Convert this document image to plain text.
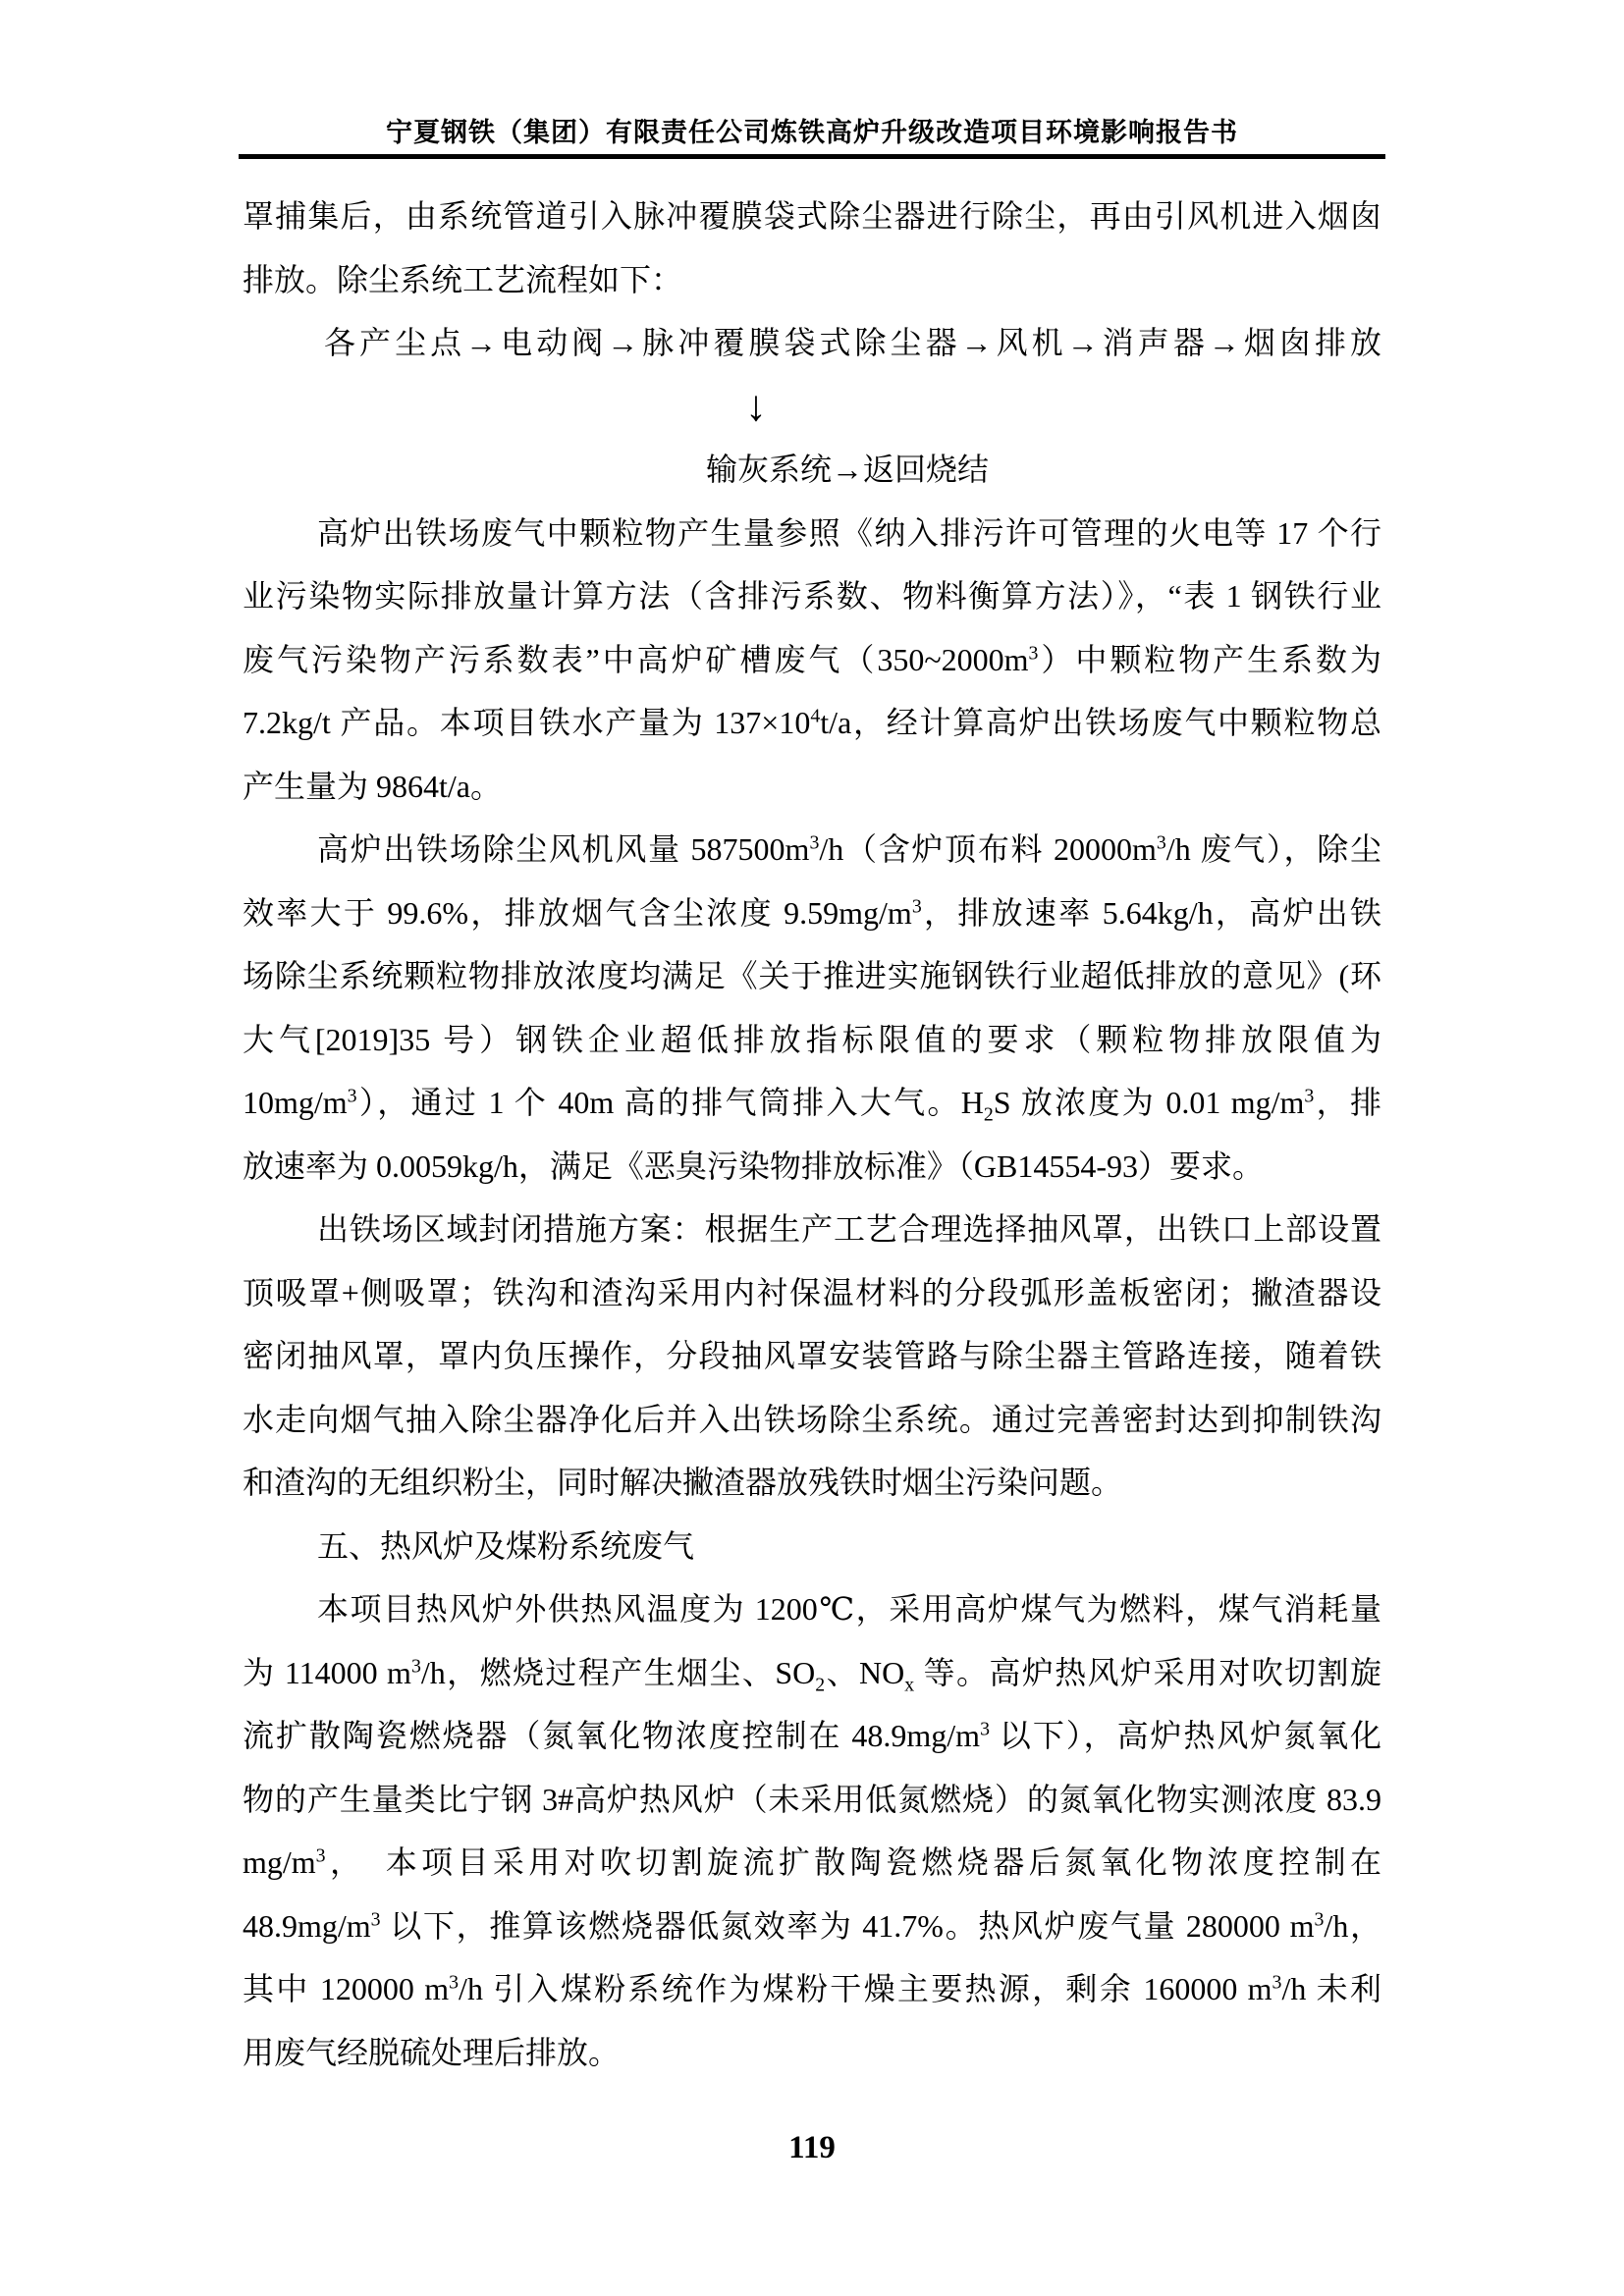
宁夏钢铁（集团）有限责任公司炼铁高炉升级改造项目环境影响报告书
罩捕集后，由系统管道引入脉冲覆膜袋式除尘器进行除尘，再由引风机进入烟囱
排放。除尘系统工艺流程如下：
各产尘点→电动阀→脉冲覆膜袋式除尘器→风机→消声器→烟囱排放
↓
输灰系统→返回烧结
高炉出铁场废气中颗粒物产生量参照《纳入排污许可管理的火电等 17 个行
业污染物实际排放量计算方法（含排污系数、物料衡算方法）》，“表 1 钢铁行业
废气污染物产污系数表”中高炉矿槽废气$(350\sim 2000m^3)$中颗粒物产生系数为
7.2kg/t 产品。本项目铁水产量为 $137\times 10^4t/a$，经计算高炉出铁场废气中颗粒物总
产生量为 9864t/a。
高炉出铁场除尘风机风量 $587500m^3/h$（含炉顶布料 $20000m^3/h$ 废气），除尘
效率大于 99.6%，排放烟气含尘浓度 $9.59mg/m^3$，排放速率 5.64kg/h，高炉出铁
场除尘系统颗粒物排放浓度均满足《关于推进实施钢铁行业超低排放的意见》(环
大气[2019]35 号）钢铁企业超低排放指标限值的要求（颗粒物排放限值为
$10mg/m^3$），通过 1 个 40m 高的排气筒排入大气。$H_2S$ 放浓度为 0.01 $mg/m^3$，排
放速率为 0.0059kg/h，满足《恶臭污染物排放标准》（GB14554-93）要求。
出铁场区域封闭措施方案：根据生产工艺合理选择抽风罩，出铁口上部设置
顶吸罩+侧吸罩；铁沟和渣沟采用内衬保温材料的分段弧形盖板密闭；撇渣器设
密闭抽风罩，罩内负压操作，分段抽风罩安装管路与除尘器主管路连接，随着铁
水走向烟气抽入除尘器净化后并入出铁场除尘系统。通过完善密封达到抑制铁沟
和渣沟的无组织粉尘，同时解决撇渣器放残铁时烟尘污染问题。
五、热风炉及煤粉系统废气
本项目热风炉外供热风温度为 1200℃，采用高炉煤气为燃料，煤气消耗量
为 114000 $m^3/h$，燃烧过程产生烟尘、$SO_2$、$NO_x$ 等。高炉热风炉采用对吹切割旋
流扩散陶瓷燃烧器（氮氧化物浓度控制在 $48.9mg/m^3$ 以下），高炉热风炉氮氧化
物的产生量类比宁钢 3#高炉热风炉（未采用低氮燃烧）的氮氧化物实测浓度 83.9
$mg/m^3$，　本项目采用对吹切割旋流扩散陶瓷燃烧器后氮氧化物浓度控制在
$48.9mg/m^3$ 以下，推算该燃烧器低氮效率为 41.7%。热风炉废气量 280000 $m^3/h$，
其中 120000 $m^3/h$ 引入煤粉系统作为煤粉干燥主要热源，剩余 160000 $m^3/h$ 未利
用废气经脱硫处理后排放。
119
